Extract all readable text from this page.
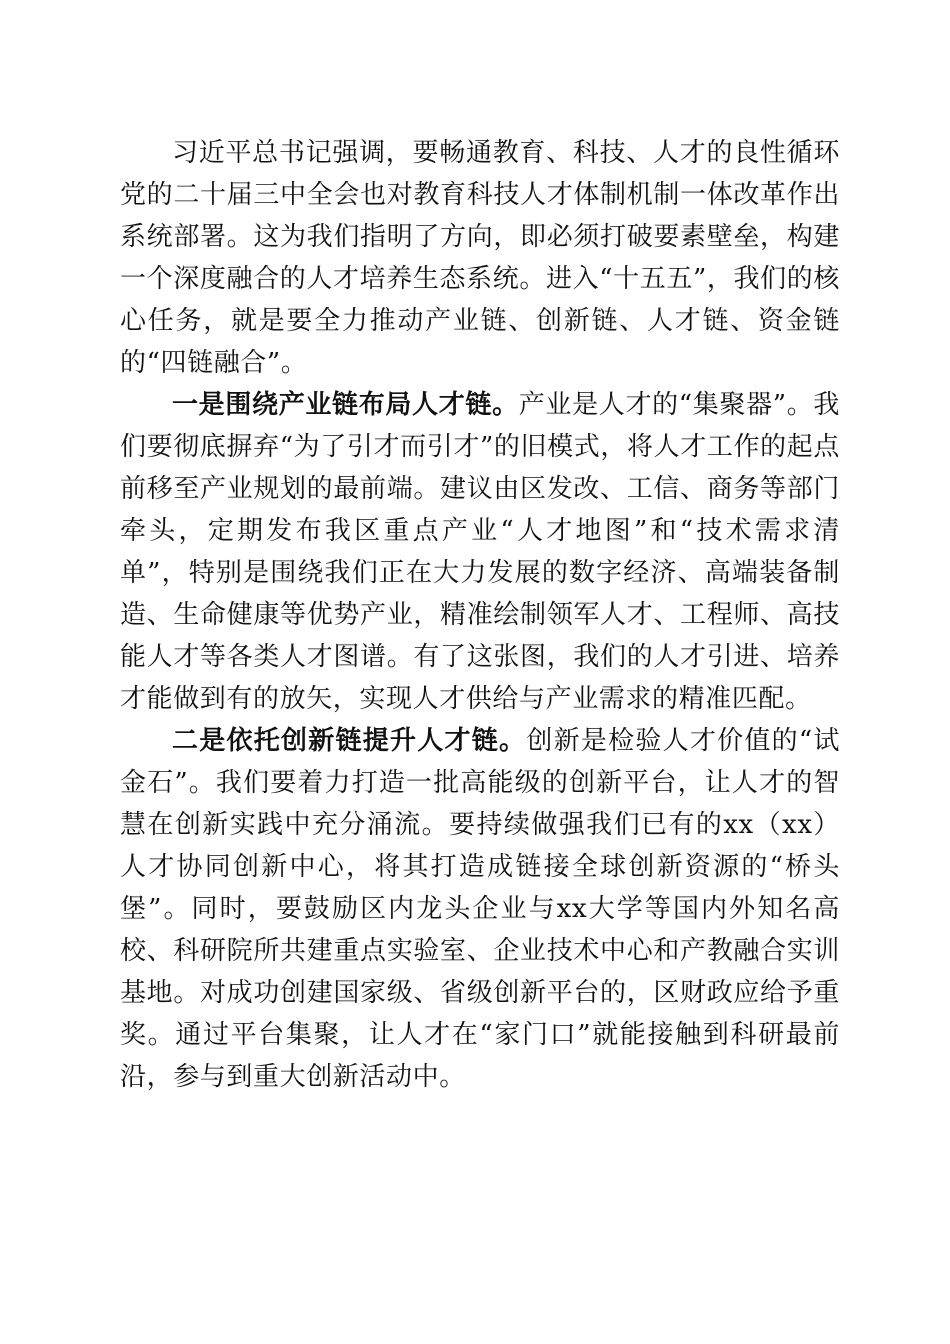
习近平总书记强调，要畅通教育、科技、人才的良性循环党的二十届三中全会也对教育科技人才体制机制一体改革作出系统部署。这为我们指明了方向，即必须打破要素壁垒，构建一个深度融合的人才培养生态系统。进入“十五五”，我们的核心任务，就是要全力推动产业链、创新链、人才链、资金链的“四链融合”。

一是围绕产业链布局人才链。产业是人才的“集聚器”。我们要彻底摒弃“为了引才而引才”的旧模式，将人才工作的起点前移至产业规划的最前端。建议由区发改、工信、商务等部门牵头，定期发布我区重点产业“人才地图”和“技术需求清单”，特别是围绕我们正在大力发展的数字经济、高端装备制造、生命健康等优势产业，精准绘制领军人才、工程师、高技能人才等各类人才图谱。有了这张图，我们的人才引进、培养才能做到有的放矢，实现人才供给与产业需求的精准匹配。

二是依托创新链提升人才链。创新是检验人才价值的“试金石”。我们要着力打造一批高能级的创新平台，让人才的智慧在创新实践中充分涌流。要持续做强我们已有的xx（xx）人才协同创新中心，将其打造成链接全球创新资源的“桥头堡”。同时，要鼓励区内龙头企业与xx大学等国内外知名高校、科研院所共建重点实验室、企业技术中心和产教融合实训基地。对成功创建国家级、省级创新平台的，区财政应给予重奖。通过平台集聚，让人才在“家门口”就能接触到科研最前沿，参与到重大创新活动中。
